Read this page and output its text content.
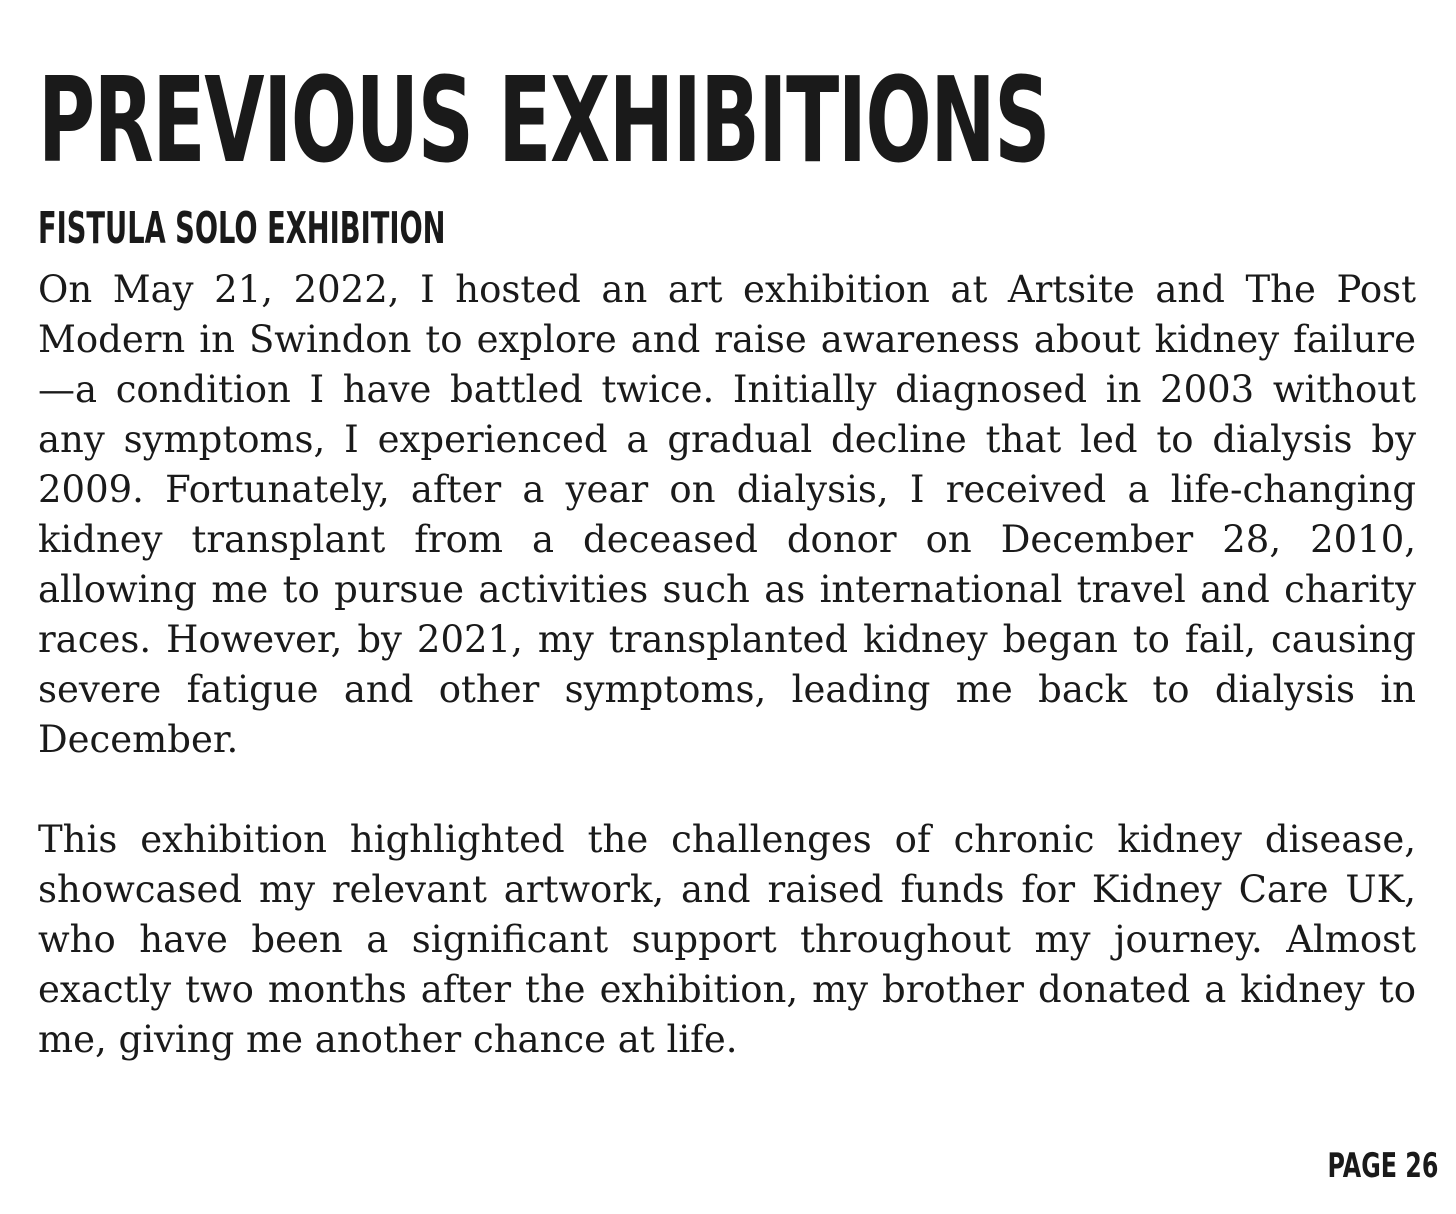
PREVIOUS EXHIBITIONS
FISTULA SOLO EXHIBITION

On May 21, 2022, I hosted an art exhibition at Artsite and The Post Modern in Swindon to explore and raise awareness about kidney failure—a condition I have battled twice. Initially diagnosed in 2003 without any symptoms, I experienced a gradual decline that led to dialysis by 2009. Fortunately, after a year on dialysis, I received a life-changing kidney transplant from a deceased donor on December 28, 2010, allowing me to pursue activities such as international travel and charity races. However, by 2021, my transplanted kidney began to fail, causing severe fatigue and other symptoms, leading me back to dialysis in December.

This exhibition highlighted the challenges of chronic kidney disease, showcased my relevant artwork, and raised funds for Kidney Care UK, who have been a significant support throughout my journey. Almost exactly two months after the exhibition, my brother donated a kidney to me, giving me another chance at life.

PAGE 26
